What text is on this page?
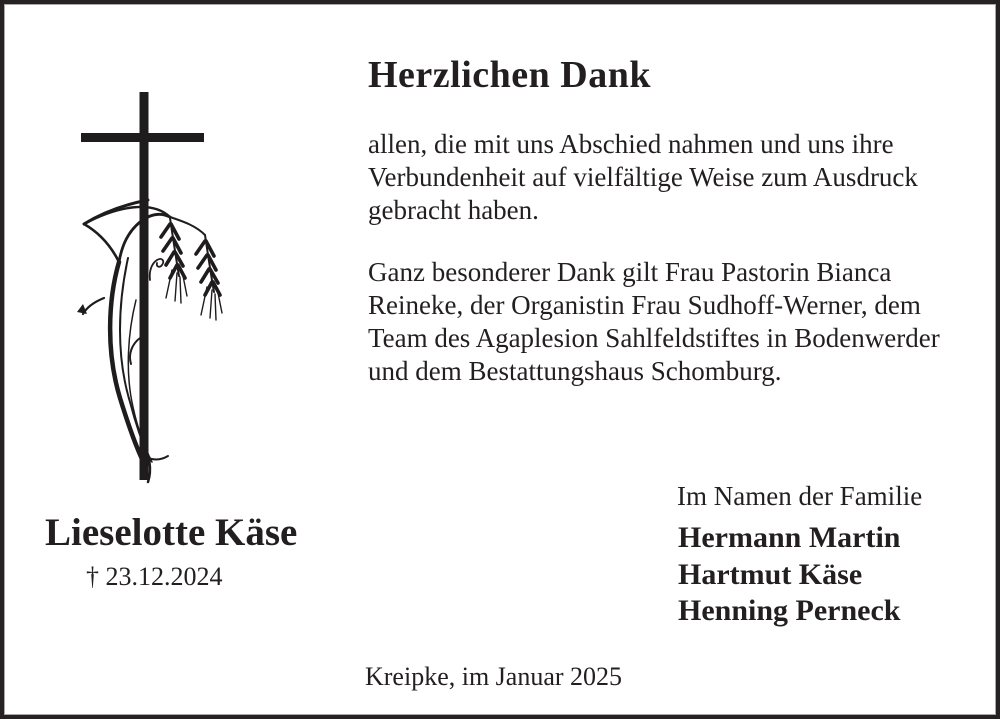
Herzlichen Dank
allen, die mit uns Abschied nahmen und uns ihre
Verbundenheit auf vielfältige Weise zum Ausdruck
gebracht haben.
Ganz besonderer Dank gilt Frau Pastorin Bianca
Reineke, der Organistin Frau Sudhoff-Werner, dem
Team des Agaplesion Sahlfeldstiftes in Bodenwerder
und dem Bestattungshaus Schomburg.
Im Namen der Familie
Hermann Martin
Hartmut Käse
Henning Perneck
Lieselotte Käse
† 23.12.2024
Kreipke, im Januar 2025
